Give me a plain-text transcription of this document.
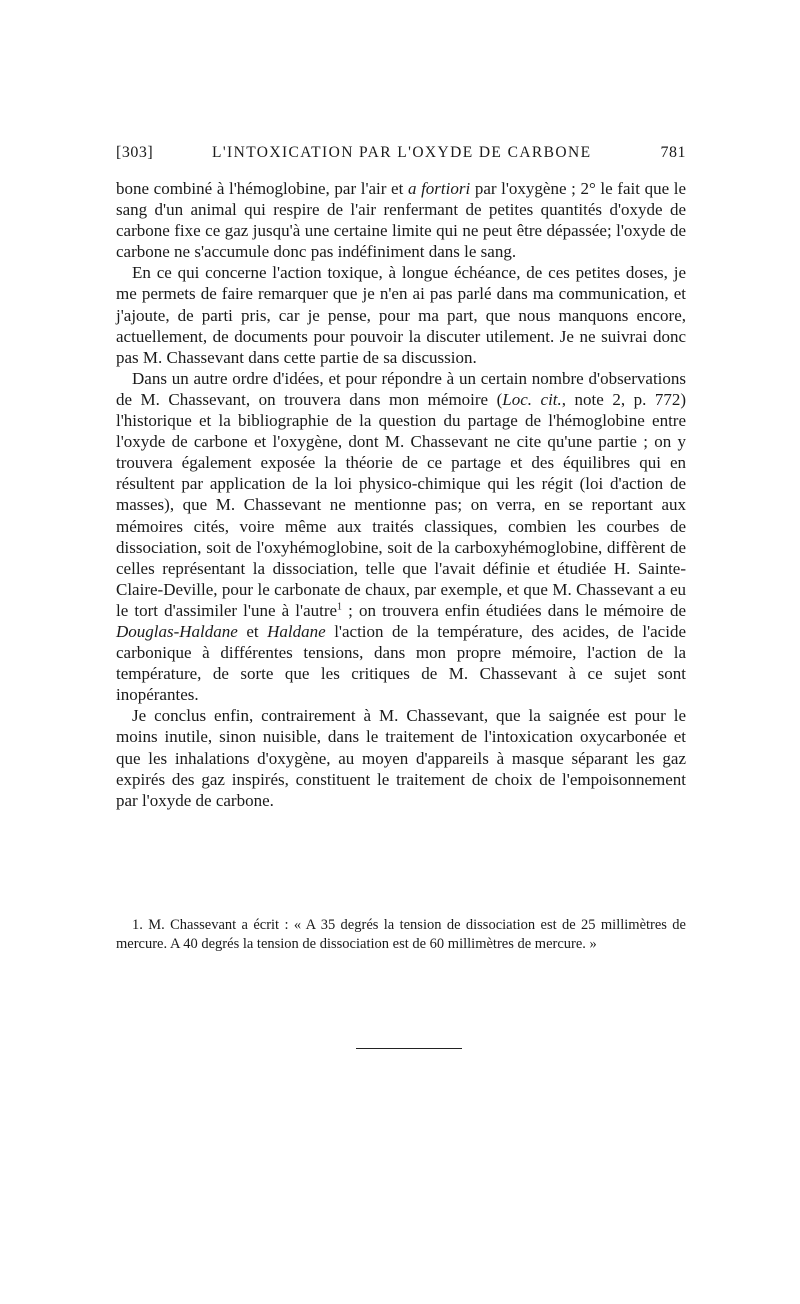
[303]	L'INTOXICATION PAR L'OXYDE DE CARBONE	781

bone combiné à l'hémoglobine, par l'air et a fortiori par l'oxygène ; 2° le fait que le sang d'un animal qui respire de l'air renfermant de petites quantités d'oxyde de carbone fixe ce gaz jusqu'à une certaine limite qui ne peut être dépassée; l'oxyde de carbone ne s'accumule donc pas indéfiniment dans le sang.

En ce qui concerne l'action toxique, à longue échéance, de ces petites doses, je me permets de faire remarquer que je n'en ai pas parlé dans ma communication, et j'ajoute, de parti pris, car je pense, pour ma part, que nous manquons encore, actuellement, de documents pour pouvoir la discuter utilement. Je ne suivrai donc pas M. Chassevant dans cette partie de sa discussion.

Dans un autre ordre d'idées, et pour répondre à un certain nombre d'observations de M. Chassevant, on trouvera dans mon mémoire (Loc. cit., note 2, p. 772) l'historique et la bibliographie de la question du partage de l'hémoglobine entre l'oxyde de carbone et l'oxygène, dont M. Chassevant ne cite qu'une partie ; on y trouvera également exposée la théorie de ce partage et des équilibres qui en résultent par application de la loi physico-chimique qui les régit (loi d'action de masses), que M. Chassevant ne mentionne pas; on verra, en se reportant aux mémoires cités, voire même aux traités classiques, combien les courbes de dissociation, soit de l'oxyhémoglobine, soit de la carboxyhémoglobine, diffèrent de celles représentant la dissociation, telle que l'avait définie et étudiée H. Sainte-Claire-Deville, pour le carbonate de chaux, par exemple, et que M. Chassevant a eu le tort d'assimiler l'une à l'autre$^1$ ; on trouvera enfin étudiées dans le mémoire de Douglas-Haldane et Haldane l'action de la température, des acides, de l'acide carbonique à différentes tensions, dans mon propre mémoire, l'action de la température, de sorte que les critiques de M. Chassevant à ce sujet sont inopérantes.

Je conclus enfin, contrairement à M. Chassevant, que la saignée est pour le moins inutile, sinon nuisible, dans le traitement de l'intoxication oxycarbonée et que les inhalations d'oxygène, au moyen d'appareils à masque séparant les gaz expirés des gaz inspirés, constituent le traitement de choix de l'empoisonnement par l'oxyde de carbone.

1. M. Chassevant a écrit : « A 35 degrés la tension de dissociation est de 25 millimètres de mercure. A 40 degrés la tension de dissociation est de 60 millimètres de mercure. »
